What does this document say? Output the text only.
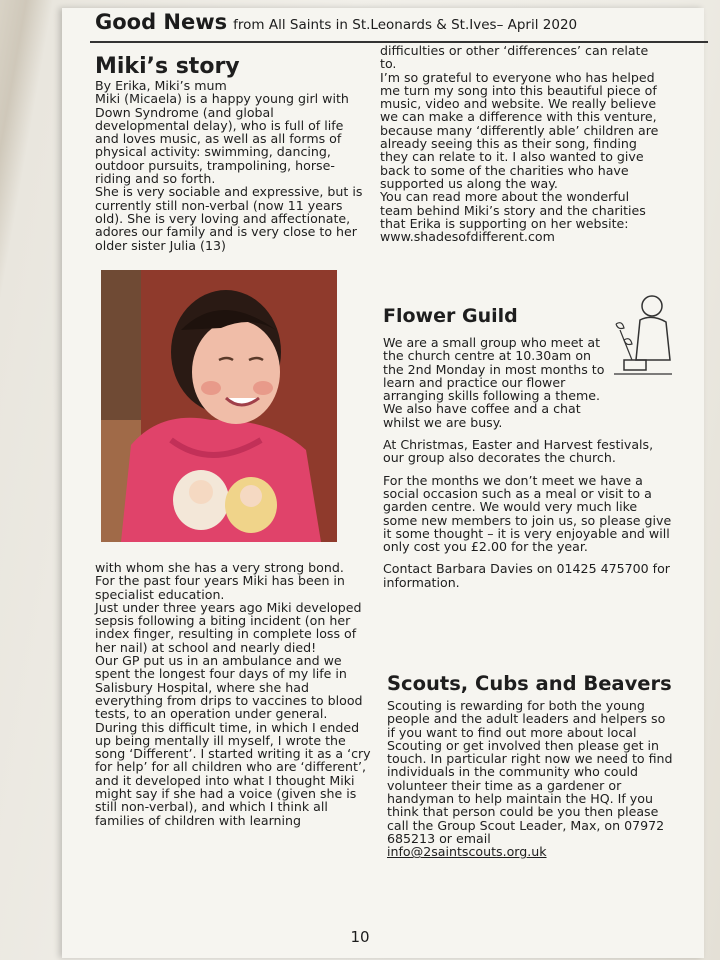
Good News from All Saints in St.Leonards & St.Ives– April 2020
Miki’s story

By Erika, Miki’s mum

Miki (Micaela) is a happy young girl with Down Syndrome (and global developmental delay), who is full of life and loves music, as well as all forms of physical activity: swimming, dancing, outdoor pursuits, trampolining, horse-riding and so forth.

She is very sociable and expressive, but is currently still non-verbal (now 11 years old). She is very loving and affectionate, adores our family and is very close to her older sister Julia (13)

with whom she has a very strong bond.

For the past four years Miki has been in specialist education.

Just under three years ago Miki developed sepsis following a biting incident (on her index finger, resulting in complete loss of her nail) at school and nearly died!

Our GP put us in an ambulance and we spent the longest four days of my life in Salisbury Hospital, where she had everything from drips to vaccines to blood tests, to an operation under general.

During this difficult time, in which I ended up being mentally ill myself, I wrote the song ‘Different’. I started writing it as a ‘cry for help’ for all children who are ‘different’, and it developed into what I thought Miki might say if she had a voice (given she is still non-verbal), and which I think all families of children with learning

difficulties or other ‘differences’ can relate to.

I’m so grateful to everyone who has helped me turn my song into this beautiful piece of music, video and website. We really believe we can make a difference with this venture, because many ‘differently able’ children are already seeing this as their song, finding they can relate to it. I also wanted to give back to some of the charities who have supported us along the way.

You can read more about the wonderful team behind Miki’s story and the charities that Erika is supporting on her website: www.shadesofdifferent.com

Flower Guild

We are a small group who meet at the church centre at 10.30am on the 2nd Monday in most months to learn and practice our flower arranging skills following a theme. We also have coffee and a chat whilst we are busy.

At Christmas, Easter and Harvest festivals, our group also decorates the church.

For the months we don’t meet we have a social occasion such as a meal or visit to a garden centre. We would very much like some new members to join us, so please give it some thought – it is very enjoyable and will only cost you £2.00 for the year.

Contact Barbara Davies on 01425 475700 for information.

Scouts, Cubs and Beavers

Scouting is rewarding for both the young people and the adult leaders and helpers so if you want to find out more about local Scouting or get involved then please get in touch. In particular right now we need to find individuals in the community who could volunteer their time as a gardener or handyman to help maintain the HQ. If you think that person could be you then please call the Group Scout Leader, Max, on 07972 685213 or email

info@2saintscouts.org.uk

10
